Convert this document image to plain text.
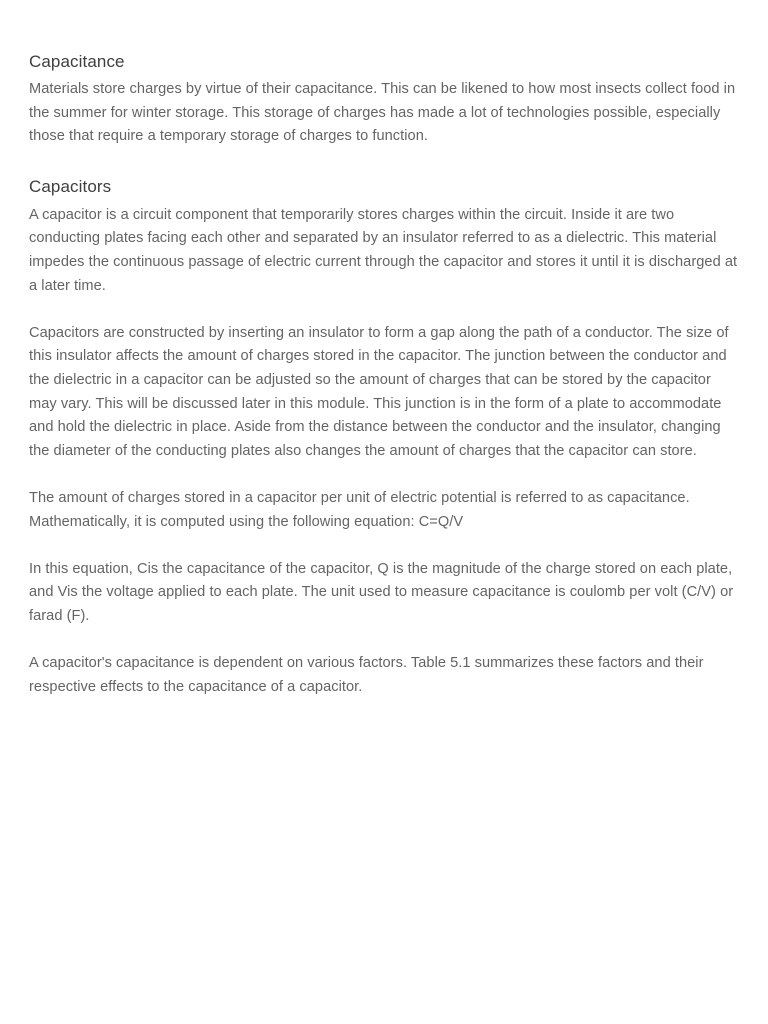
Capacitance

Materials store charges by virtue of their capacitance. This can be likened to how most insects collect food in the summer for winter storage. This storage of charges has made a lot of technologies possible, especially those that require a temporary storage of charges to function.

Capacitors

A capacitor is a circuit component that temporarily stores charges within the circuit. Inside it are two conducting plates facing each other and separated by an insulator referred to as a dielectric. This material impedes the continuous passage of electric current through the capacitor and stores it until it is discharged at a later time.

Capacitors are constructed by inserting an insulator to form a gap along the path of a conductor. The size of this insulator affects the amount of charges stored in the capacitor. The junction between the conductor and the dielectric in a capacitor can be adjusted so the amount of charges that can be stored by the capacitor may vary. This will be discussed later in this module. This junction is in the form of a plate to accommodate and hold the dielectric in place. Aside from the distance between the conductor and the insulator, changing the diameter of the conducting plates also changes the amount of charges that the capacitor can store.

The amount of charges stored in a capacitor per unit of electric potential is referred to as capacitance. Mathematically, it is computed using the following equation: C=Q/V

In this equation, Cis the capacitance of the capacitor, Q is the magnitude of the charge stored on each plate, and Vis the voltage applied to each plate. The unit used to measure capacitance is coulomb per volt (C/V) or farad (F).

A capacitor's capacitance is dependent on various factors. Table 5.1 summarizes these factors and their respective effects to the capacitance of a capacitor.
